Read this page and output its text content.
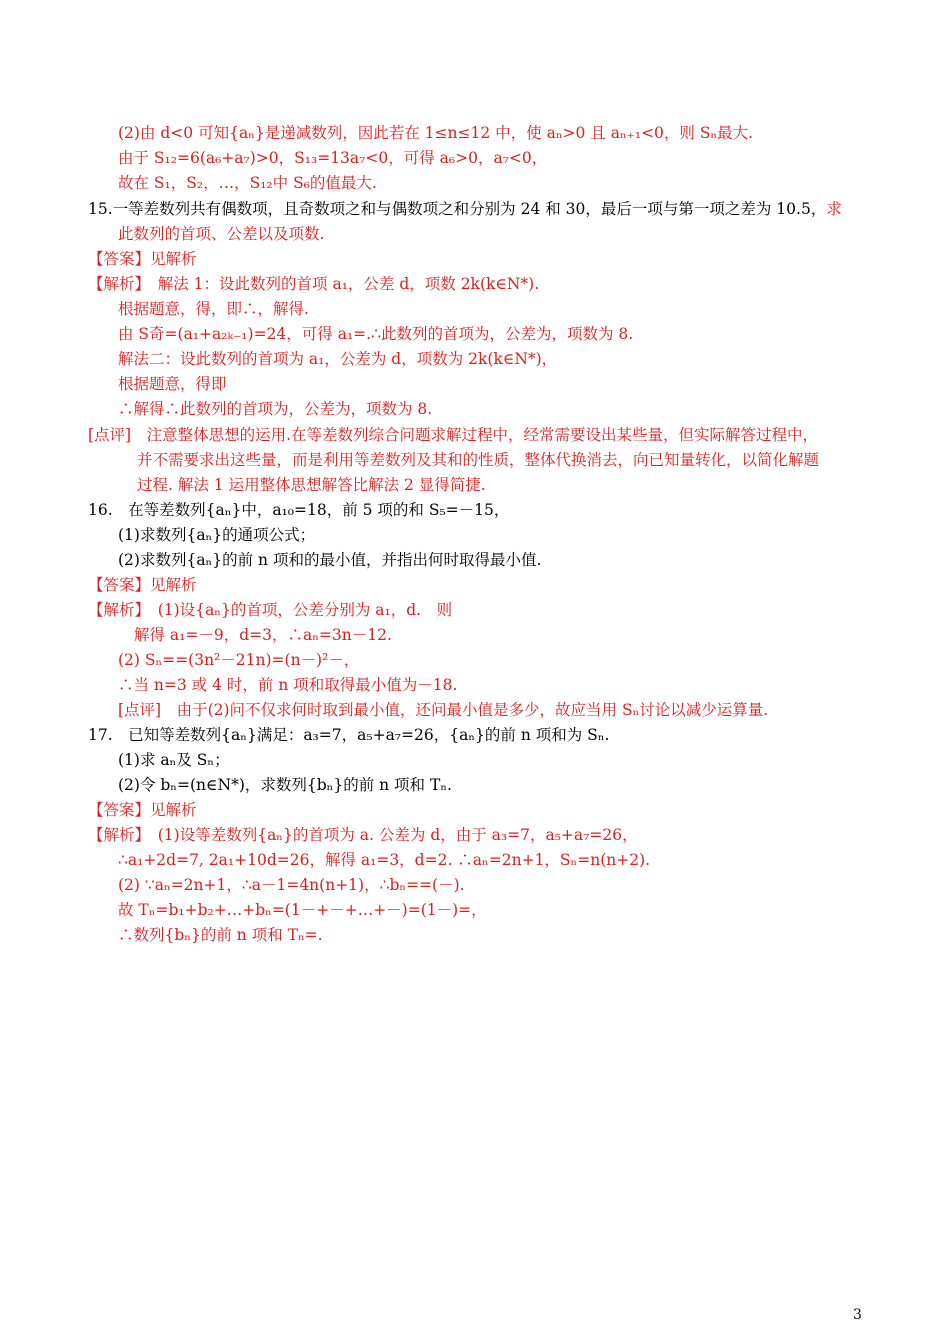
(2)由 d<0 可知{aₙ}是递减数列，因此若在 1≤n≤12 中，使 aₙ>0 且 aₙ₊₁<0，则 Sₙ最大.
由于 S₁₂=6(a₆+a₇)>0，S₁₃=13a₇<0，可得 a₆>0，a₇<0，
故在 S₁，S₂，…，S₁₂中 S₆的值最大.
15.一等差数列共有偶数项，且奇数项之和与偶数项之和分别为 24 和 30，最后一项与第一项之差为 10.5，求
此数列的首项、公差以及项数.
【答案】见解析
【解析】　解法 1：设此数列的首项 a₁，公差 d，项数 2k(k∈N*).
根据题意，得，即∴，解得.
由 S奇=(a₁+a₂ₖ₋₁)=24，可得 a₁=.∴此数列的首项为，公差为，项数为 8.
解法二：设此数列的首项为 a₁，公差为 d，项数为 2k(k∈N*)，
根据题意，得即
∴解得∴此数列的首项为，公差为，项数为 8.
[点评]　注意整体思想的运用.在等差数列综合问题求解过程中，经常需要设出某些量，但实际解答过程中，
并不需要求出这些量，而是利用等差数列及其和的性质，整体代换消去，向已知量转化，以简化解题
过程. 解法 1 运用整体思想解答比解法 2 显得简捷.
16.　在等差数列{aₙ}中，a₁₀=18，前 5 项的和 S₅=－15，
(1)求数列{aₙ}的通项公式；
(2)求数列{aₙ}的前 n 项和的最小值，并指出何时取得最小值.
【答案】见解析
【解析】　(1)设{aₙ}的首项，公差分别为 a₁，d.　则
解得 a₁=－9，d=3，∴aₙ=3n－12.
(2) Sₙ==(3n²－21n)=(n－)²－，
∴当 n=3 或 4 时，前 n 项和取得最小值为－18.
[点评]　由于(2)问不仅求何时取到最小值，还问最小值是多少，故应当用 Sₙ讨论以减少运算量.
17.　已知等差数列{aₙ}满足：a₃=7，a₅+a₇=26，{aₙ}的前 n 项和为 Sₙ.
(1)求 aₙ及 Sₙ；
(2)令 bₙ=(n∈N*)，求数列{bₙ}的前 n 项和 Tₙ.
【答案】见解析
【解析】　(1)设等差数列{aₙ}的首项为 a. 公差为 d，由于 a₃=7，a₅+a₇=26，
∴a₁+2d=7, 2a₁+10d=26，解得 a₁=3，d=2. ∴aₙ=2n+1，Sₙ=n(n+2).
(2) ∵aₙ=2n+1，∴a－1=4n(n+1)，∴bₙ==(－).
故 Tₙ=b₁+b₂+…+bₙ=(1－+－+…+－)=(1－)=，
∴数列{bₙ}的前 n 项和 Tₙ=.
3
